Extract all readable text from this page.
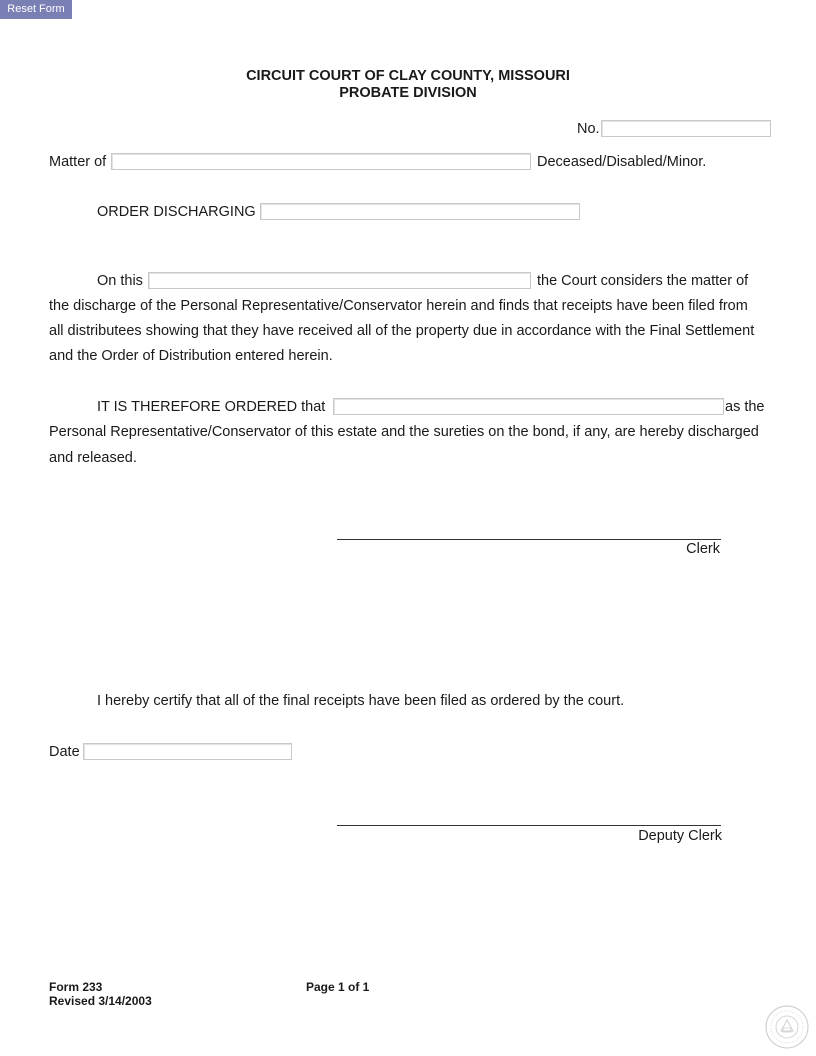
Reset Form
CIRCUIT COURT OF CLAY COUNTY, MISSOURI
PROBATE DIVISION
No.
Matter of	Deceased/Disabled/Minor.
ORDER DISCHARGING
On this	the Court considers the matter of
the discharge of the Personal Representative/Conservator herein and finds that receipts have been filed from
all distributees showing that they have received all of the property due in accordance with the Final Settlement
and the Order of Distribution entered herein.
IT IS THEREFORE ORDERED that	as the
Personal Representative/Conservator of this estate and the sureties on the bond, if any, are hereby discharged
and released.
Clerk
I hereby certify that all of the final receipts have been filed as ordered by the court.
Date
Deputy Clerk
Form 233
Revised 3/14/2003
Page 1 of 1
